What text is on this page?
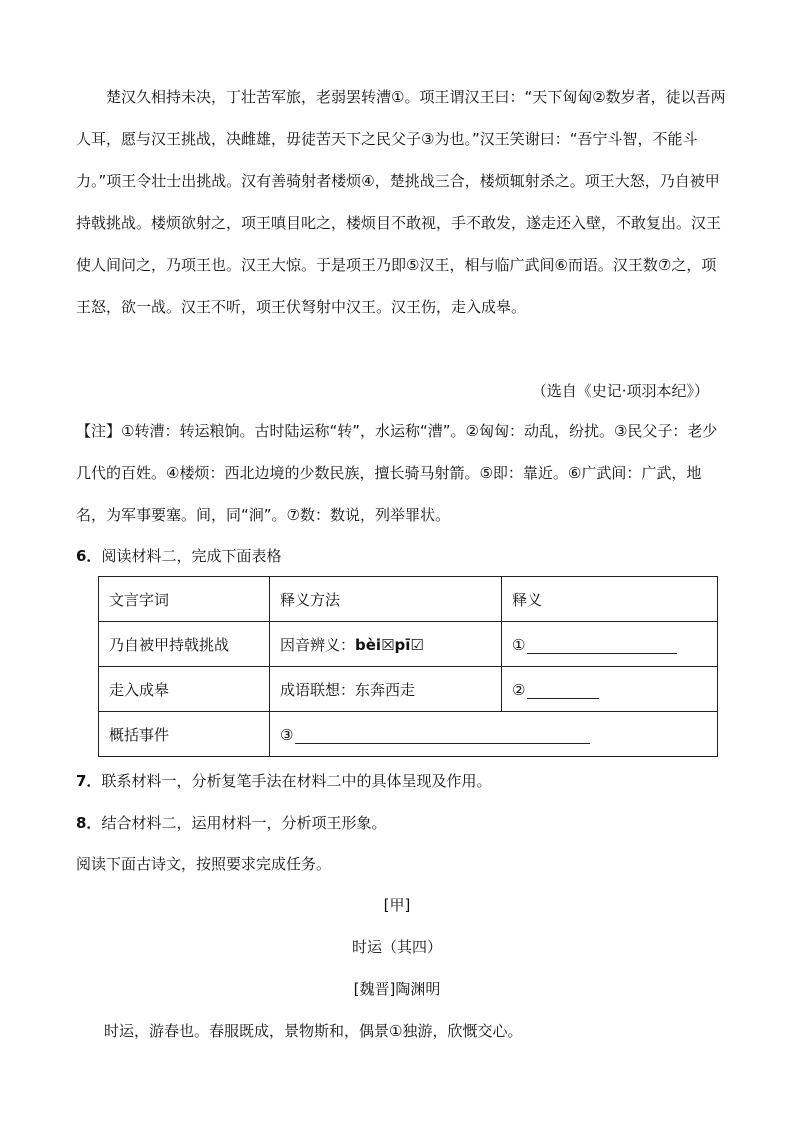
楚汉久相持未决，丁壮苦军旅，老弱罢转漕①。项王谓汉王曰：“天下匈匈②数岁者，徒以吾两人耳，愿与汉王挑战，决雌雄，毋徒苦天下之民父子③为也。”汉王笑谢曰：“吾宁斗智，不能斗力。”项王令壮士出挑战。汉有善骑射者楼烦④，楚挑战三合，楼烦辄射杀之。项王大怒，乃自被甲持戟挑战。楼烦欲射之，项王嗔目叱之，楼烦目不敢视，手不敢发，遂走还入壁，不敢复出。汉王使人间问之，乃项王也。汉王大惊。于是项王乃即⑤汉王，相与临广武间⑥而语。汉王数⑦之，项王怒，欲一战。汉王不听，项王伏弩射中汉王。汉王伤，走入成皋。

（选自《史记·项羽本纪》）

【注】①转漕：转运粮饷。古时陆运称“转”，水运称“漕”。②匈匈：动乱，纷扰。③民父子：老少几代的百姓。④楼烦：西北边境的少数民族，擅长骑马射箭。⑤即：靠近。⑥广武间：广武，地名，为军事要塞。间，同“涧”。⑦数：数说，列举罪状。

6．阅读材料二，完成下面表格
文言字词	释义方法	释义
乃自被甲持戟挑战	因音辨义：bèi☒pī☑	①
走入成皋	成语联想：东奔西走	②
概括事件	③	
7．联系材料一，分析复笔手法在材料二中的具体呈现及作用。
8．结合材料二，运用材料一，分析项王形象。
阅读下面古诗文，按照要求完成任务。
[甲]
时运（其四）
[魏晋]陶渊明
时运，游春也。春服既成，景物斯和，偶景①独游，欣慨交心。
